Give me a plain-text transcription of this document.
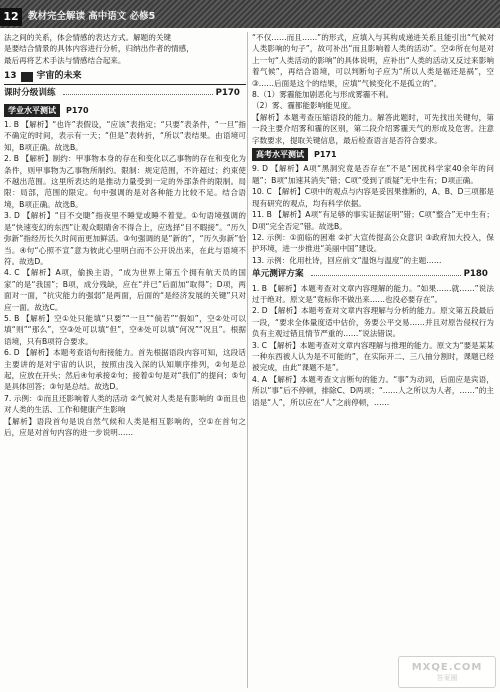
12 教材完全解读 高中语文 必修5

法之间的关系，体会情感的表达方式。解题的关键

是要结合情景的具体内容进行分析，归纳出作者的情感，

最后再将艺术手法与情感结合起来。

13 宇宙的未来
课时分级训练	P170
学业水平测试	P170

1. B 【解析】“也许”表假设，“应该”表指定；“只要”表条件，“一旦”指不确定的时间，表示有一天；“但是”表转折，“所以”表结果。由语境可知，B项正确。故选B。

2. B 【解析】制约：甲事物本身的存在和变化以乙事物的存在和变化为条件，则甲事物为乙事物所制约。限制：规定范围，不许超过；约束使不越出范围。这里所表达的是推动力量受到一定的外部条件的限制。局限：局部，范围的限定。句中强调的是对各种能力比较不足。结合语境，B项正确。故选B。

3. D 【解析】“目不交睫”指夜里不睡觉或睡不着觉。①句语境强调的是“快速变幻的东西”让观众眼睛舍不得合上，应选择“目不暇接”。“历久弥新”指经历长久时间而更加鲜活。③句强调的是“新的”，“历久弥新”恰当。④句“心照不宣”意为彼此心里明白而不公开说出来，在此与语境不符。故选D。

4. C 【解析】A项，偷换主语，“成为世界上第五个拥有航天员的国家”的是“我国”；B项，成分残缺，应在“并已”后面加“取得”；D项，两面对一面，“抗灾能力的强弱”是两面，后面的“是经济发展的关键”只对应一面。故选C。

5. B 【解析】空①处只能填“只要”“一旦”“倘若”“假如”，空②处可以填“则”“那么”，空③处可以填“但”，空④处可以填“何况”“况且”。根据语境，只有B项符合要求。

6. D 【解析】本题考查语句衔接能力。首先根据语段内容可知，这段话主要讲的是对宇宙的认识，按照由浅入深的认知顺序排列，②句是总起，应放在开头；然后④句承接②句；接着①句是对“我们”的提问；⑤句是具体回答；③句是总结。故选D。

7. 示例：①而且还影响着人类的活动 ②气候对人类是有影响的 ③而且也对人类的生活、工作和健康产生影响

【解析】语段首句是说自然气候和人类是相互影响的，空①在首句之后，应是对首句内容的进一步说明……

“不仅……而且……”的形式，应填入与其构成递进关系且能引出“气候对人类影响的句子”，故可补出“而且影响着人类的活动”。空②所在句是对上一句“人类活动的影响”的具体说明，应补出“人类的活动又反过来影响着气候”，再结合语境，可以判断句子应为“所以人类是福还是祸”，空③……后面是这个的结果，应填“气候变化不是孤立的”。

8.（1）雾霾能加剧恶化与形成雾霾不利。

（2）雾、霾都能影响能见度。

【解析】本题考查压缩语段的能力。解答此题时，可先找出关键句，第一段主要介绍雾和霾的区别，第二段介绍雾霾天气的形成及危害。注意字数要求，提取关键信息，最后检查语言是否符合要求。

高考水平测试	P171

9. D 【解析】A项“黑洞究竟是否存在”不是“困扰科学家40余年的问题”；B项“加速其消失”错；C项“受到了质疑”无中生有；D项正确。

10. C 【解析】C项中的观点与内容是妥因果推断的，A、B、D三项都是现有研究的观点，均有科学依据。

11. B 【解析】A项“有足够的事实证据证明”错；C项“整合”无中生有；D项“完全否定”错。故选B。

12. 示例：①面临的困难 ②扩大宣传提高公众意识 ③政府加大投入，保护环境，进一步推进“美丽中国”建设。

13. 示例：化用杜诗，回应前文“温饱与温度”的主题……

单元测评方案	P180

1. B 【解析】本题考查对文章内容理解的能力。“如果……就……”说法过于绝对。原文是“竟标你不做出来……也没必要存在”。

2. D 【解析】本题考查对文章内容理解与分析的能力。原文第五段最后一段，“要求全体量度适中估价，务要公平交易……并且对原告侵权行为负有主观过错且情节严重的……”说法错误。

3. C 【解析】本题考查对文章内容理解与推理的能力。原文为“要是某某一种东西被人认为是不可能的”，在实际开二、三八抽分割时，课题已经被完成，由此“课题不是”。

4. A 【解析】本题考查文言断句的能力。“事”为动词，后面应是宾语，所以“事”后不停顿，排除C、D两项；“……人之所以为人者，……”的主语是“人”，所以应在“人”之前停顿，……

MXQE.COM
答案圈
